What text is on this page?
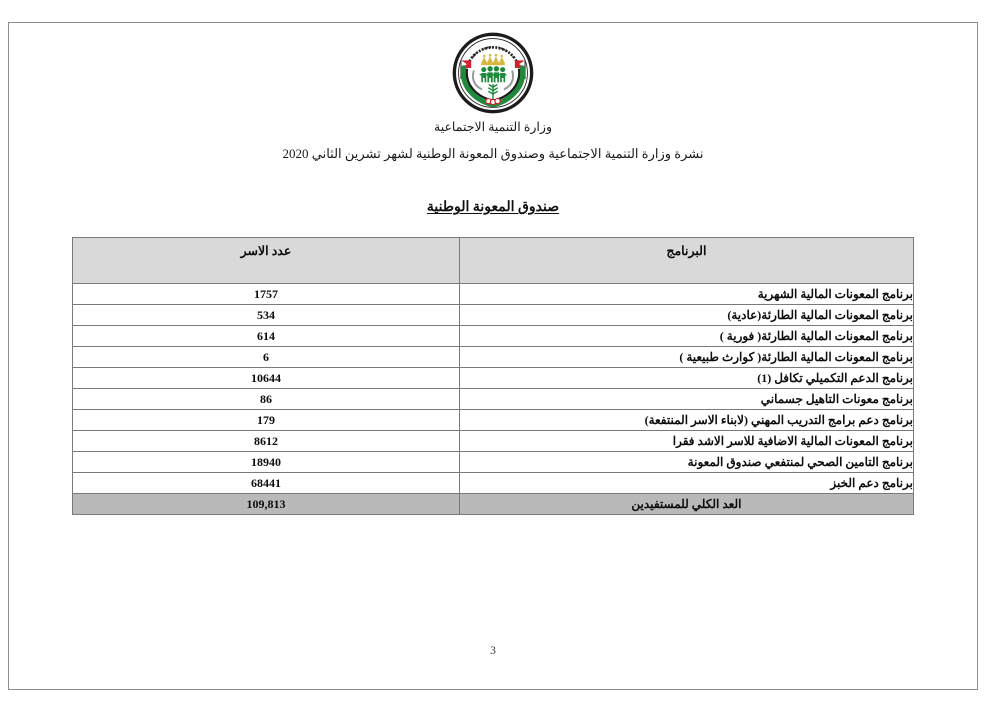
وزارة التنمية الاجتماعية
نشرة وزارة التنمية الاجتماعية وصندوق المعونة الوطنية لشهر تشرين الثاني 2020
صندوق المعونة الوطنية
البرنامج	عدد الاسر
برنامج المعونات المالية الشهرية	1757
برنامج المعونات المالية الطارئة(عادية)	534
برنامج المعونات المالية الطارئة( فورية )	614
برنامج المعونات المالية الطارئة( كوارث طبيعية )	6
برنامج الدعم التكميلي تكافل (1)	10644
برنامج معونات التاهيل جسماني	86
برنامج دعم برامج التدريب المهني (لابناء الاسر المنتفعة)	179
برنامج المعونات المالية الاضافية للاسر الاشد فقرا	8612
برنامج التامين الصحي لمنتفعي صندوق المعونة	18940
برنامج دعم الخبز	68441
العد الكلي للمستفيدين	109,813
3
